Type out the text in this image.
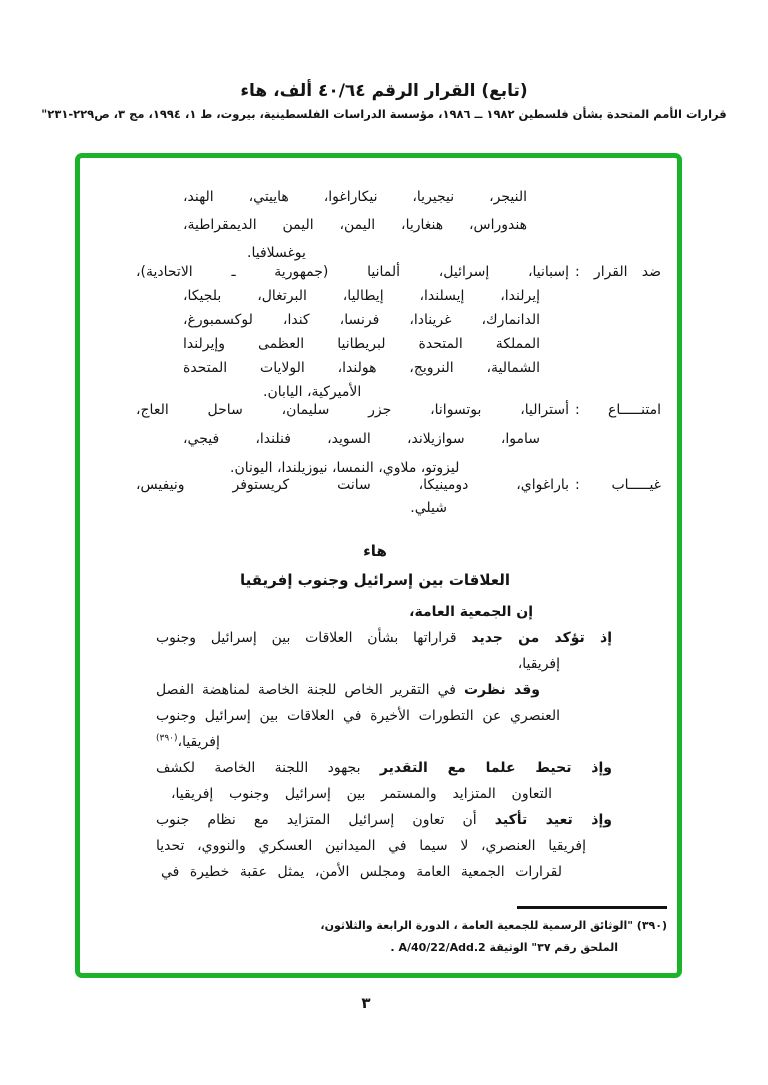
(تابع) القرار الرقم ٤٠/٦٤ ألف، هاء
قرارات الأمم المتحدة بشأن فلسطين ١٩٨٢ ــ ١٩٨٦، مؤسسة الدراسات الفلسطينية، بيروت، ط ١، ١٩٩٤، مج ٣، ص٢٢٩-٢٣١"
النيجر، نيجيريا، نيكاراغوا، هاييتي، الهند،
هندوراس، هنغاريا، اليمن، اليمن الديمقراطية،
يوغسلافيا.
ضد القرار :
إسبانيا، إسرائيل، ألمانيا (جمهورية ـ الاتحادية)،
إيرلندا، إيسلندا، إيطاليا، البرتغال، بلجيكا،
الدانمارك، غرينادا، فرنسا، كندا، لوكسمبورغ،
المملكة المتحدة لبريطانيا العظمى وإيرلندا
الشمالية، النرويج، هولندا، الولايات المتحدة
الأميركية، اليابان.
امتنـــــاع :
أستراليا، بوتسوانا، جزر سليمان، ساحل العاج،
ساموا، سوازيلاند، السويد، فنلندا، فيجي،
ليزوتو، ملاوي، النمسا، نيوزيلندا، اليونان.
غيـــــاب :
باراغواي، دومينيكا، سانت كريستوفر ونيفيس،
شيلي.
هاء
العلاقات بين إسرائيل وجنوب إفريقيا
إن الجمعية العامة،
إذ تؤكد من جديد قراراتها بشأن العلاقات بين إسرائيل وجنوب
إفريقيا،
وقد نظرت في التقرير الخاص للجنة الخاصة لمناهضة الفصل
العنصري عن التطورات الأخيرة في العلاقات بين إسرائيل وجنوب
إفريقيا،$^{(٣٩٠)}$
وإذ تحيط علما مع التقدير بجهود اللجنة الخاصة لكشف
التعاون المتزايد والمستمر بين إسرائيل وجنوب إفريقيا،
وإذ تعيد تأكيد أن تعاون إسرائيل المتزايد مع نظام جنوب
إفريقيا العنصري، لا سيما في الميدانين العسكري والنووي، تحديا
لقرارات الجمعية العامة ومجلس الأمن، يمثل عقبة خطيرة في
(٣٩٠) "الوثائق الرسمية للجمعية العامة ، الدورة الرابعة والثلاثون،
الملحق رقم ٣٧" الوثيقة A/40/22/Add.2 .
٣
